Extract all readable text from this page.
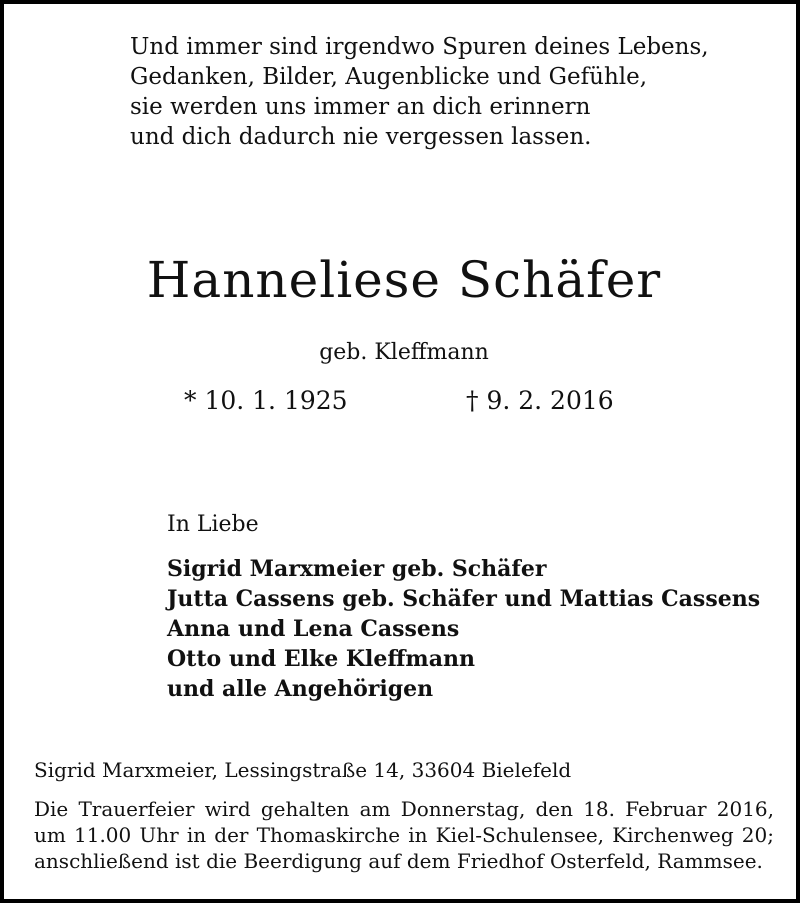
Und immer sind irgendwo Spuren deines Lebens,
Gedanken, Bilder, Augenblicke und Gefühle,
sie werden uns immer an dich erinnern
und dich dadurch nie vergessen lassen.
Hanneliese Schäfer
geb. Kleffmann
* 10. 1. 1925	† 9. 2. 2016
In Liebe
Sigrid Marxmeier geb. Schäfer
Jutta Cassens geb. Schäfer und Mattias Cassens
Anna und Lena Cassens
Otto und Elke Kleffmann
und alle Angehörigen
Sigrid Marxmeier, Lessingstraße 14, 33604 Bielefeld
Die Trauerfeier wird gehalten am Donnerstag, den 18. Februar 2016,
um 11.00 Uhr in der Thomaskirche in Kiel-Schulensee, Kirchenweg 20;
anschließend ist die Beerdigung auf dem Friedhof Osterfeld, Rammsee.
